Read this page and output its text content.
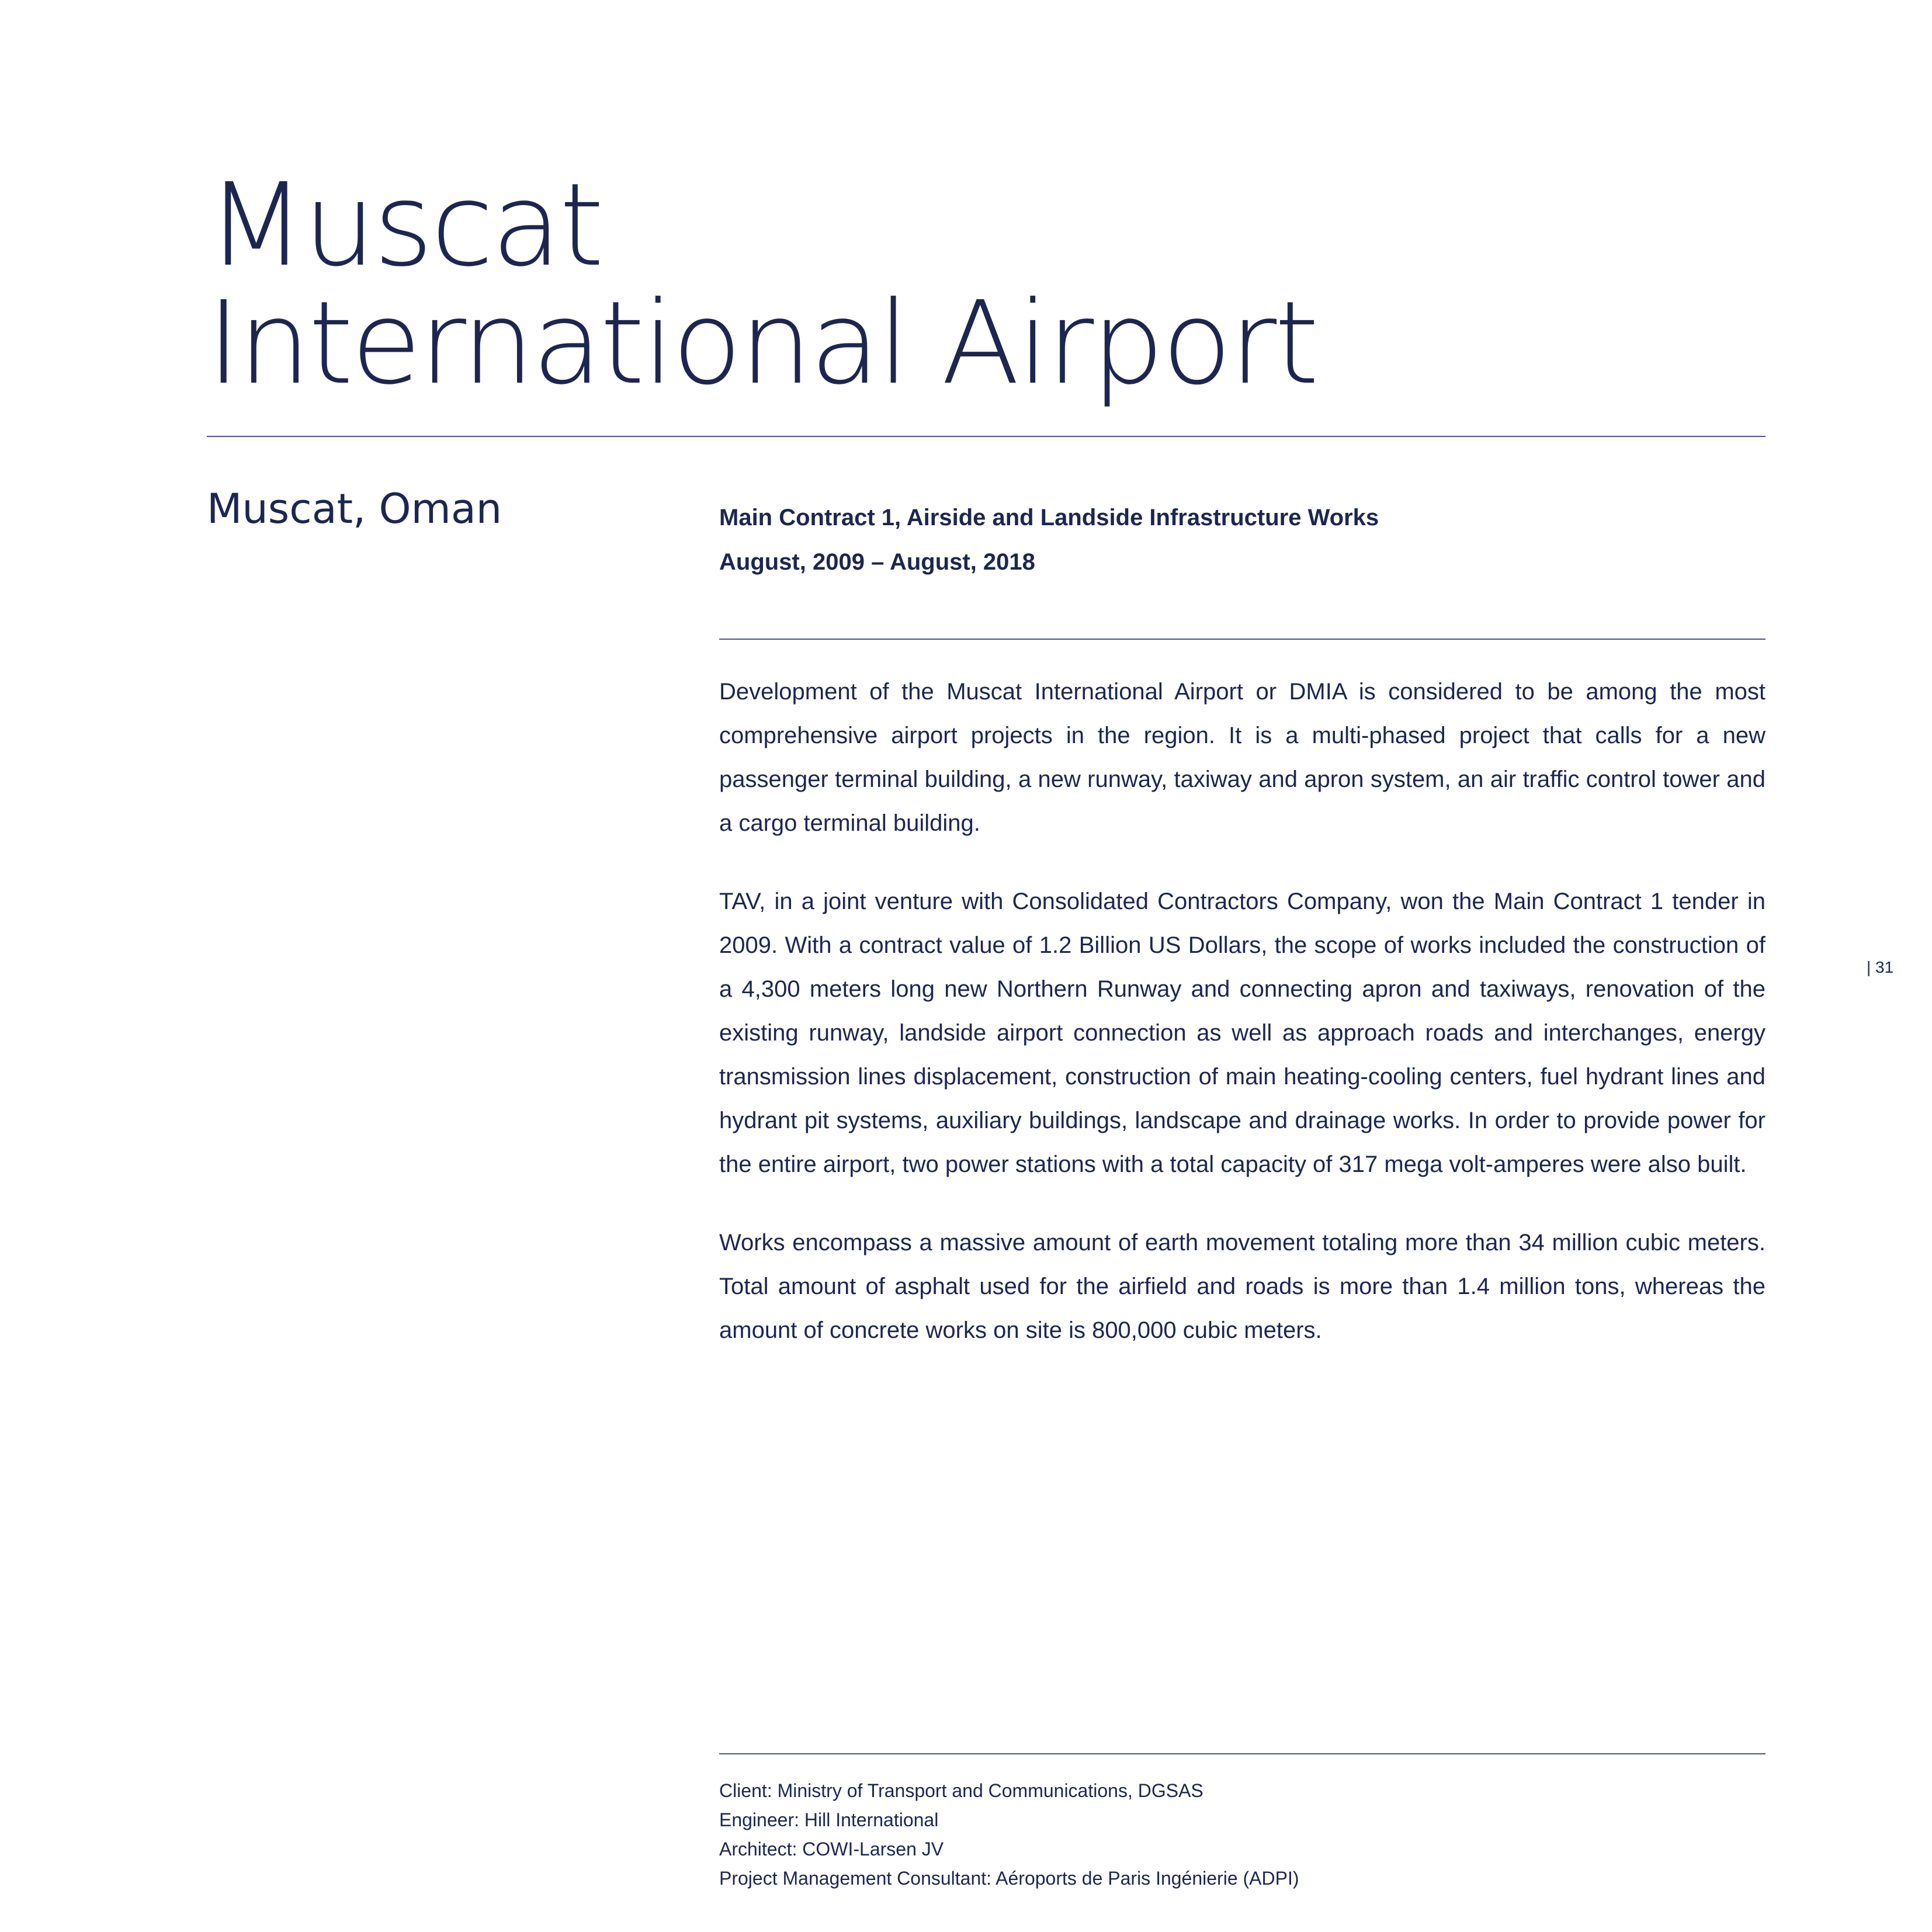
Muscat
International Airport
Muscat, Oman	Main Contract 1, Airside and Landside Infrastructure Works
August, 2009 – August, 2018

Development of the Muscat International Airport or DMIA is considered to be among the most comprehensive airport projects in the region. It is a multi-phased project that calls for a new passenger terminal building, a new runway, taxiway and apron system, an air traffic control tower and a cargo terminal building.

TAV, in a joint venture with Consolidated Contractors Company, won the Main Contract 1 tender in 2009. With a contract value of 1.2 Billion US Dollars, the scope of works included the construction of a 4,300 meters long new Northern Runway and connecting apron and taxiways, renovation of the existing runway, landside airport connection as well as approach roads and interchanges, energy transmission lines displacement, construction of main heating-cooling centers, fuel hydrant lines and hydrant pit systems, auxiliary buildings, landscape and drainage works. In order to provide power for the entire airport, two power stations with a total capacity of 317 mega volt-amperes were also built.

Works encompass a massive amount of earth movement totaling more than 34 million cubic meters. Total amount of asphalt used for the airfield and roads is more than 1.4 million tons, whereas the amount of concrete works on site is 800,000 cubic meters.

| 31
Client: Ministry of Transport and Communications, DGSAS
Engineer: Hill International
Architect: COWI-Larsen JV
Project Management Consultant: Aéroports de Paris Ingénierie (ADPI)
